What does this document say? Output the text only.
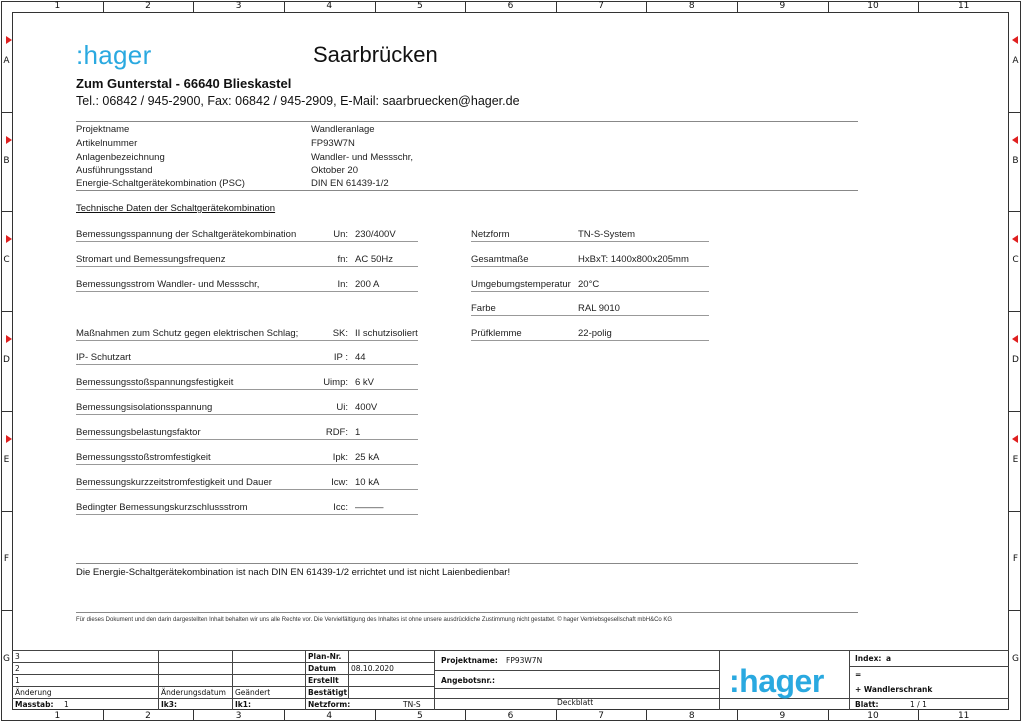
1
1
2
2
3
3
4
4
5
5
6
6
7
7
8
8
9
9
10
10
11
11
A	A
B	B
C	C
D	D
E	E
F	F
G	G
:hager	Saarbrücken
Zum Gunterstal - 66640 Blieskastel
Tel.: 06842 / 945-2900, Fax: 06842 / 945-2909, E-Mail: saarbruecken@hager.de
Projektname	Wandleranlage
Artikelnummer	FP93W7N
Anlagenbezeichnung	Wandler- und Messschr,
Ausführungsstand	Oktober 20
Energie-Schaltgerätekombination (PSC)	DIN EN 61439-1/2
Technische Daten der Schaltgerätekombination
Bemessungsspannung der Schaltgerätekombination	Un: 230/400V
Stromart und Bemessungsfrequenz	fn: AC 50Hz
Bemessungsstrom Wandler- und Messschr,	In: 200 A
Maßnahmen zum Schutz gegen elektrischen Schlag;	SK: II schutzisoliert
IP- Schutzart	IP : 44
Bemessungsstoßspannungsfestigkeit	Uimp: 6 kV
Bemessungsisolationsspannung	Ui: 400V
Bemessungsbelastungsfaktor	RDF: 1
Bemessungsstoßstromfestigkeit	Ipk: 25 kA
Bemessungskurzzeitstromfestigkeit und Dauer	Icw: 10 kA
Bedingter Bemessungskurzschlussstrom	Icc: ———
Netzform	TN-S-System
Gesamtmaße	HxBxT: 1400x800x205mm
Umgebumgstemperatur 20°C
Farbe	RAL 9010
Prüfklemme	22-polig
Die Energie-Schaltgerätekombination ist nach DIN EN 61439-1/2 errichtet und ist nicht Laienbedienbar!
Für dieses Dokument und den darin dargestellten Inhalt behalten wir uns alle Rechte vor. Die Vervielfältigung des Inhaltes ist ohne unsere ausdrückliche Zustimmung nicht gestattet. © hager Vertriebsgesellschaft mbH&Co KG
3
2
1
Änderung	Änderungsdatum Geändert
Masstab: 1	Ik3:	Ik1:
Plan-Nr.
Datum 08.10.2020
Erstellt
Bestätigt
Netzform:	TN-S
Projektname: FP93W7N
Angebotsnr.:
Deckblatt
:hager
Index: a
=
+ Wandlerschrank
Blatt:	1 / 1
